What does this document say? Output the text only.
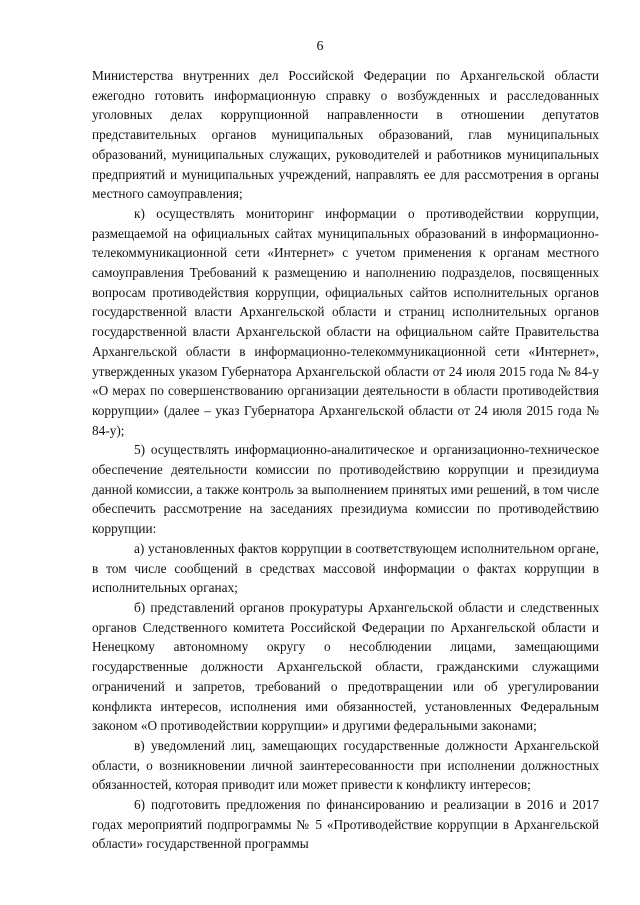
6

Министерства внутренних дел Российской Федерации по Архангельской области ежегодно готовить информационную справку о возбужденных и расследованных уголовных делах коррупционной направленности в отношении депутатов представительных органов муниципальных образований, глав муниципальных образований, муниципальных служащих, руководителей и работников муниципальных предприятий и муниципальных учреждений, направлять ее для рассмотрения в органы местного самоуправления;

к) осуществлять мониторинг информации о противодействии коррупции, размещаемой на официальных сайтах муниципальных образований в информационно-телекоммуникационной сети «Интернет» с учетом применения к органам местного самоуправления Требований к размещению и наполнению подразделов, посвященных вопросам противодействия коррупции, официальных сайтов исполнительных органов государственной власти Архангельской области и страниц исполнительных органов государственной власти Архангельской области на официальном сайте Правительства Архангельской области в информационно-телекоммуникационной сети «Интернет», утвержденных указом Губернатора Архангельской области от 24 июля 2015 года № 84-у «О мерах по совершенствованию организации деятельности в области противодействия коррупции» (далее – указ Губернатора Архангельской области от 24 июля 2015 года № 84-у);

5) осуществлять информационно-аналитическое и организационно-техническое обеспечение деятельности комиссии по противодействию коррупции и президиума данной комиссии, а также контроль за выполнением принятых ими решений, в том числе обеспечить рассмотрение на заседаниях президиума комиссии по противодействию коррупции:

а) установленных фактов коррупции в соответствующем исполнительном органе, в том числе сообщений в средствах массовой информации о фактах коррупции в исполнительных органах;

б) представлений органов прокуратуры Архангельской области и следственных органов Следственного комитета Российской Федерации по Архангельской области и Ненецкому автономному округу о несоблюдении лицами, замещающими государственные должности Архангельской области, гражданскими служащими ограничений и запретов, требований о предотвращении или об урегулировании конфликта интересов, исполнения ими обязанностей, установленных Федеральным законом «О противодействии коррупции» и другими федеральными законами;

в) уведомлений лиц, замещающих государственные должности Архангельской области, о возникновении личной заинтересованности при исполнении должностных обязанностей, которая приводит или может привести к конфликту интересов;

6) подготовить предложения по финансированию и реализации в 2016 и 2017 годах мероприятий подпрограммы № 5 «Противодействие коррупции в Архангельской области» государственной программы
